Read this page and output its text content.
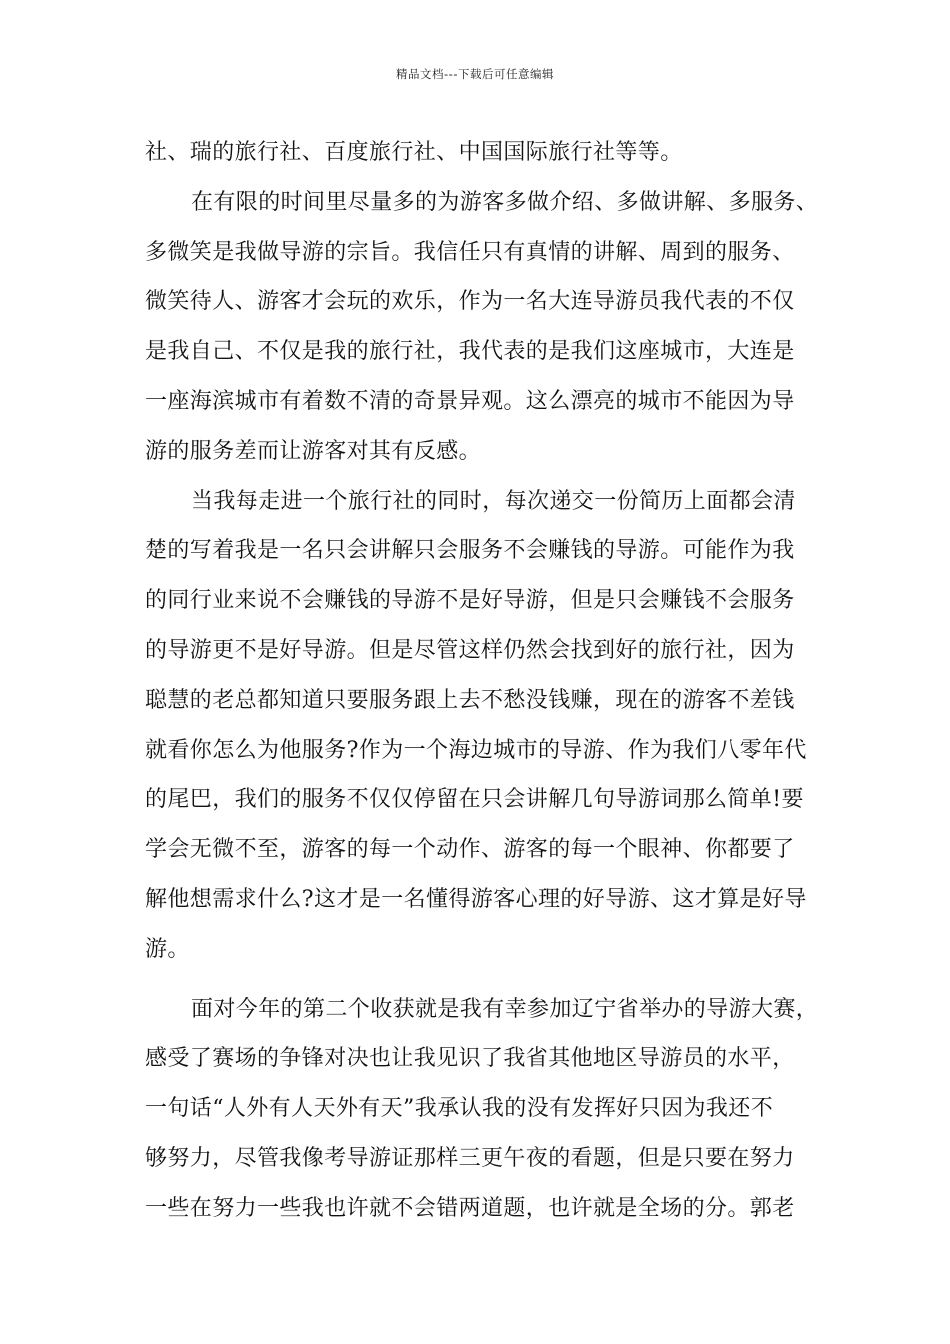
精品文档---下载后可任意编辑
社、瑞的旅行社、百度旅行社、中国国际旅行社等等。
在有限的时间里尽量多的为游客多做介绍、多做讲解、多服务、
多微笑是我做导游的宗旨。我信任只有真情的讲解、周到的服务、
微笑待人、游客才会玩的欢乐，作为一名大连导游员我代表的不仅
是我自己、不仅是我的旅行社，我代表的是我们这座城市，大连是
一座海滨城市有着数不清的奇景异观。这么漂亮的城市不能因为导
游的服务差而让游客对其有反感。
当我每走进一个旅行社的同时，每次递交一份简历上面都会清
楚的写着我是一名只会讲解只会服务不会赚钱的导游。可能作为我
的同行业来说不会赚钱的导游不是好导游，但是只会赚钱不会服务
的导游更不是好导游。但是尽管这样仍然会找到好的旅行社，因为
聪慧的老总都知道只要服务跟上去不愁没钱赚，现在的游客不差钱
就看你怎么为他服务?作为一个海边城市的导游、作为我们八零年代
的尾巴，我们的服务不仅仅停留在只会讲解几句导游词那么简单!要
学会无微不至，游客的每一个动作、游客的每一个眼神、你都要了
解他想需求什么?这才是一名懂得游客心理的好导游、这才算是好导
游。
面对今年的第二个收获就是我有幸参加辽宁省举办的导游大赛，
感受了赛场的争锋对决也让我见识了我省其他地区导游员的水平，
一句话“人外有人天外有天”我承认我的没有发挥好只因为我还不
够努力，尽管我像考导游证那样三更午夜的看题，但是只要在努力
一些在努力一些我也许就不会错两道题，也许就是全场的分。郭老
